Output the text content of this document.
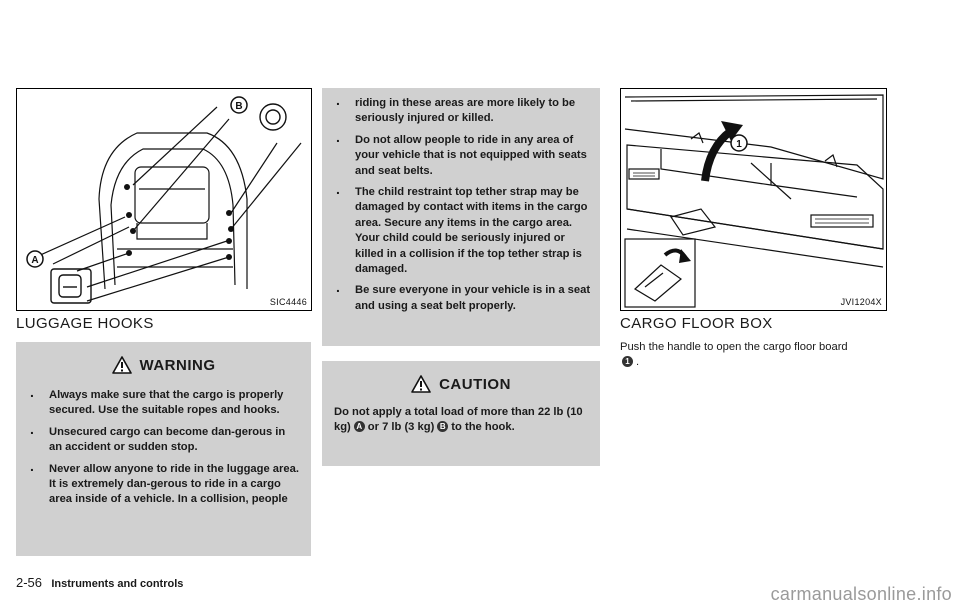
B
A
SIC4446
LUGGAGE HOOKS
WARNING
. Always make sure that the cargo is properly secured. Use the suitable ropes and hooks.
. Unsecured cargo can become dan-gerous in an accident or sudden stop.
. Never allow anyone to ride in the luggage area. It is extremely dan-gerous to ride in a cargo area inside of a vehicle. In a collision, people
. riding in these areas are more likely to be seriously injured or killed.
. Do not allow people to ride in any area of your vehicle that is not equipped with seats and seat belts.
. The child restraint top tether strap may be damaged by contact with items in the cargo area. Secure any items in the cargo area. Your child could be seriously injured or killed in a collision if the top tether strap is damaged.
. Be sure everyone in your vehicle is in a seat and using a seat belt properly.
CAUTION
Do not apply a total load of more than 22 lb (10 kg) A or 7 lb (3 kg) B to the hook.
1
JVI1204X
CARGO FLOOR BOX
Push the handle to open the cargo floor board
1 .
2-56 Instruments and controls	carmanualsonline.info
